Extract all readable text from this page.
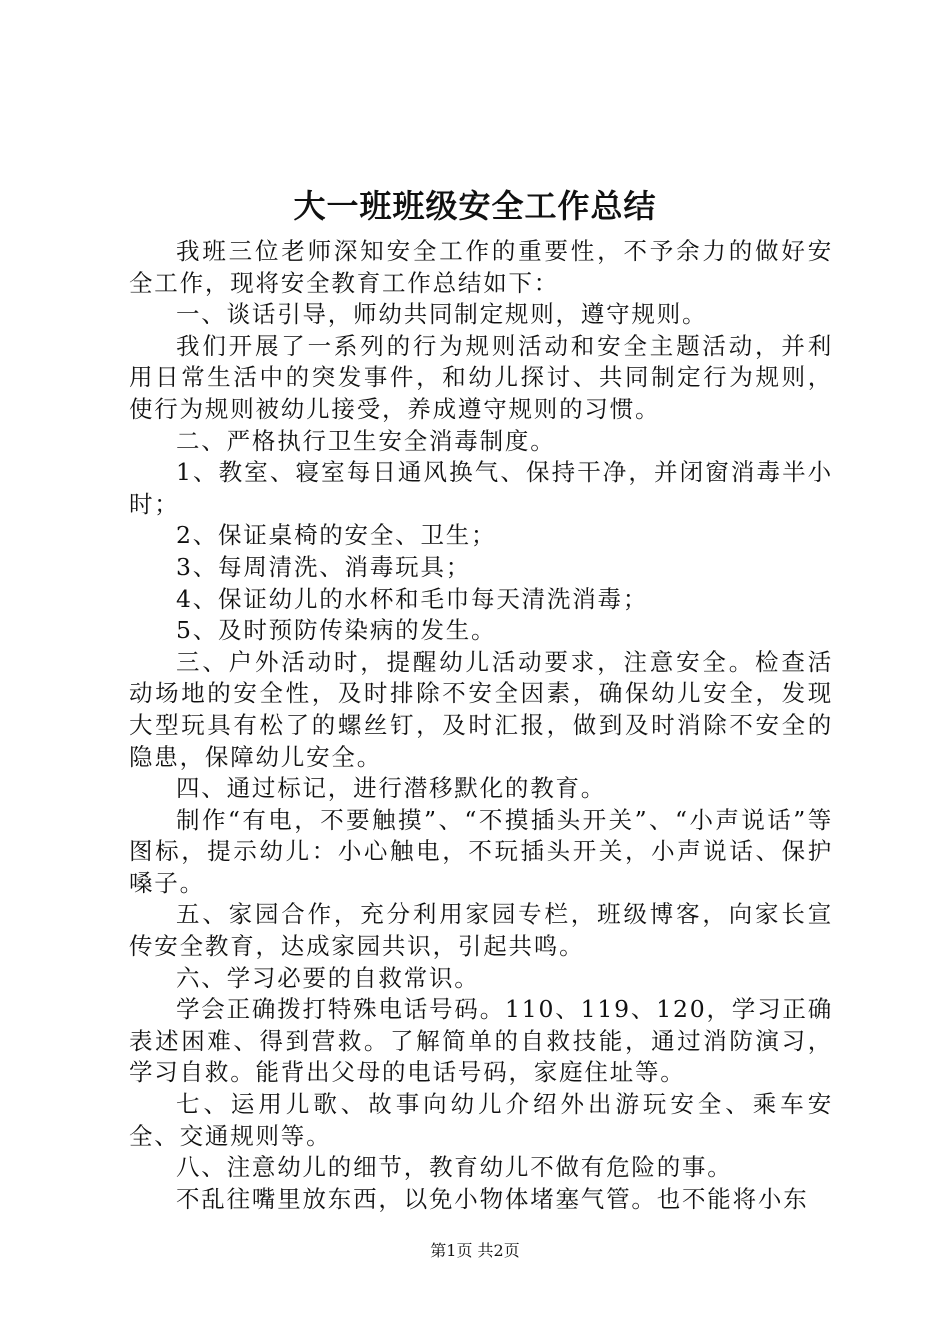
大一班班级安全工作总结

我班三位老师深知安全工作的重要性，不予余力的做好安全工作，现将安全教育工作总结如下：

一、谈话引导，师幼共同制定规则，遵守规则。

我们开展了一系列的行为规则活动和安全主题活动，并利用日常生活中的突发事件，和幼儿探讨、共同制定行为规则，使行为规则被幼儿接受，养成遵守规则的习惯。

二、严格执行卫生安全消毒制度。

1、教室、寝室每日通风换气、保持干净，并闭窗消毒半小时；

2、保证桌椅的安全、卫生；

3、每周清洗、消毒玩具；

4、保证幼儿的水杯和毛巾每天清洗消毒；

5、及时预防传染病的发生。

三、户外活动时，提醒幼儿活动要求，注意安全。检查活动场地的安全性，及时排除不安全因素，确保幼儿安全，发现大型玩具有松了的螺丝钉，及时汇报，做到及时消除不安全的隐患，保障幼儿安全。

四、通过标记，进行潜移默化的教育。

制作“有电，不要触摸”、“不摸插头开关”、“小声说话”等图标，提示幼儿：小心触电，不玩插头开关，小声说话、保护嗓子。

五、家园合作，充分利用家园专栏，班级博客，向家长宣传安全教育，达成家园共识，引起共鸣。

六、学习必要的自救常识。

学会正确拨打特殊电话号码。110、119、120，学习正确表述困难、得到营救。了解简单的自救技能，通过消防演习，学习自救。能背出父母的电话号码，家庭住址等。

七、运用儿歌、故事向幼儿介绍外出游玩安全、乘车安全、交通规则等。

八、注意幼儿的细节，教育幼儿不做有危险的事。

不乱往嘴里放东西，以免小物体堵塞气管。也不能将小东

第1页 共2页
